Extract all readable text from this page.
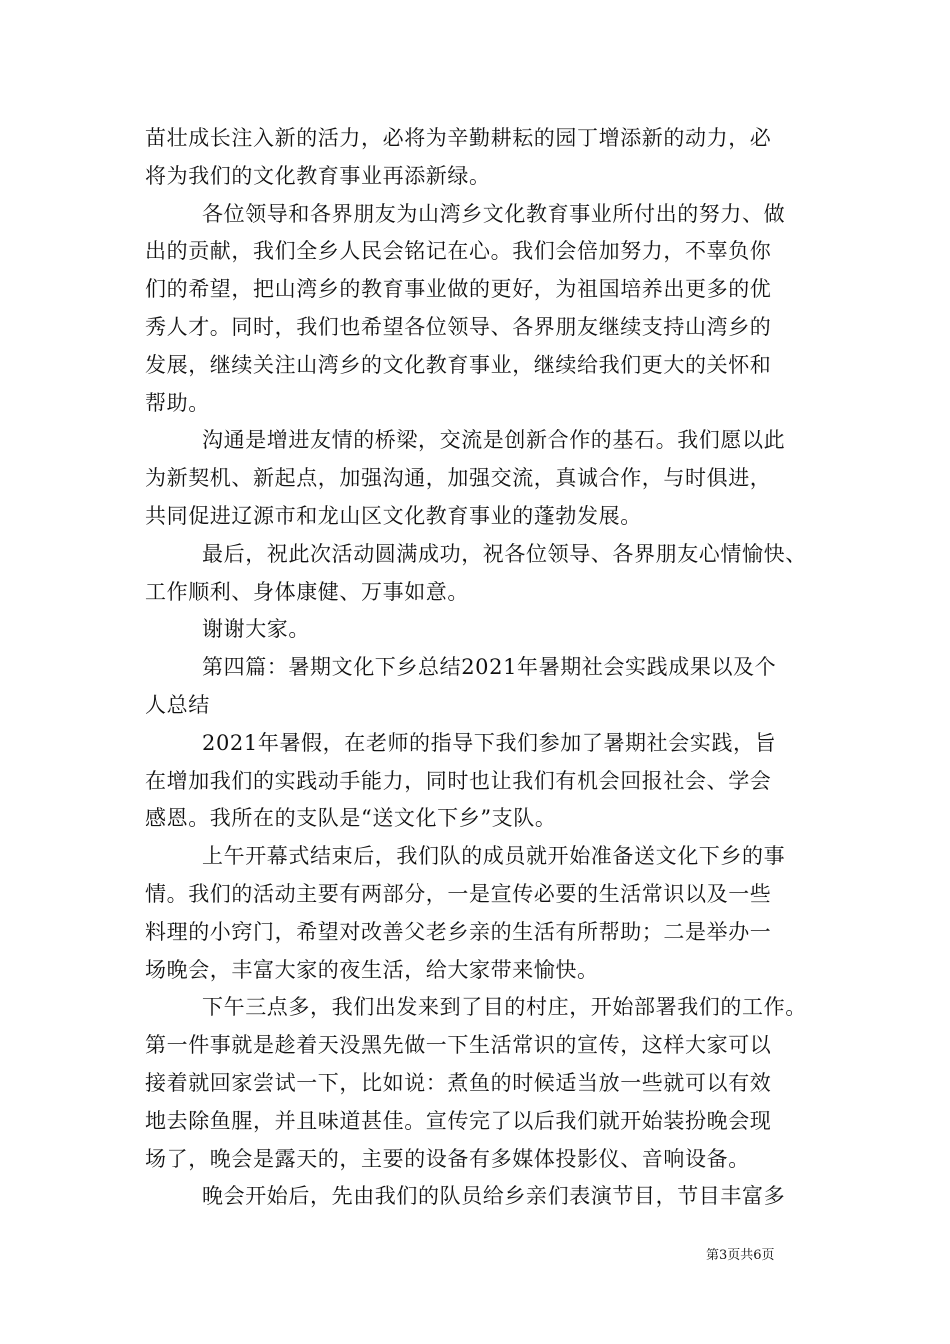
苗壮成长注入新的活力，必将为辛勤耕耘的园丁增添新的动力，必
将为我们的文化教育事业再添新绿。
各位领导和各界朋友为山湾乡文化教育事业所付出的努力、做
出的贡献，我们全乡人民会铭记在心。我们会倍加努力，不辜负你
们的希望，把山湾乡的教育事业做的更好，为祖国培养出更多的优
秀人才。同时，我们也希望各位领导、各界朋友继续支持山湾乡的
发展，继续关注山湾乡的文化教育事业，继续给我们更大的关怀和
帮助。
沟通是增进友情的桥梁，交流是创新合作的基石。我们愿以此
为新契机、新起点，加强沟通，加强交流，真诚合作，与时俱进，
共同促进辽源市和龙山区文化教育事业的蓬勃发展。
最后，祝此次活动圆满成功，祝各位领导、各界朋友心情愉快、
工作顺利、身体康健、万事如意。
谢谢大家。
第四篇：暑期文化下乡总结2021年暑期社会实践成果以及个
人总结
2021年暑假，在老师的指导下我们参加了暑期社会实践，旨
在增加我们的实践动手能力，同时也让我们有机会回报社会、学会
感恩。我所在的支队是“送文化下乡”支队。
上午开幕式结束后，我们队的成员就开始准备送文化下乡的事
情。我们的活动主要有两部分，一是宣传必要的生活常识以及一些
料理的小窍门，希望对改善父老乡亲的生活有所帮助；二是举办一
场晚会，丰富大家的夜生活，给大家带来愉快。
下午三点多，我们出发来到了目的村庄，开始部署我们的工作。
第一件事就是趁着天没黑先做一下生活常识的宣传，这样大家可以
接着就回家尝试一下，比如说：煮鱼的时候适当放一些就可以有效
地去除鱼腥，并且味道甚佳。宣传完了以后我们就开始装扮晚会现
场了，晚会是露天的，主要的设备有多媒体投影仪、音响设备。
晚会开始后，先由我们的队员给乡亲们表演节目，节目丰富多
第3页共6页
